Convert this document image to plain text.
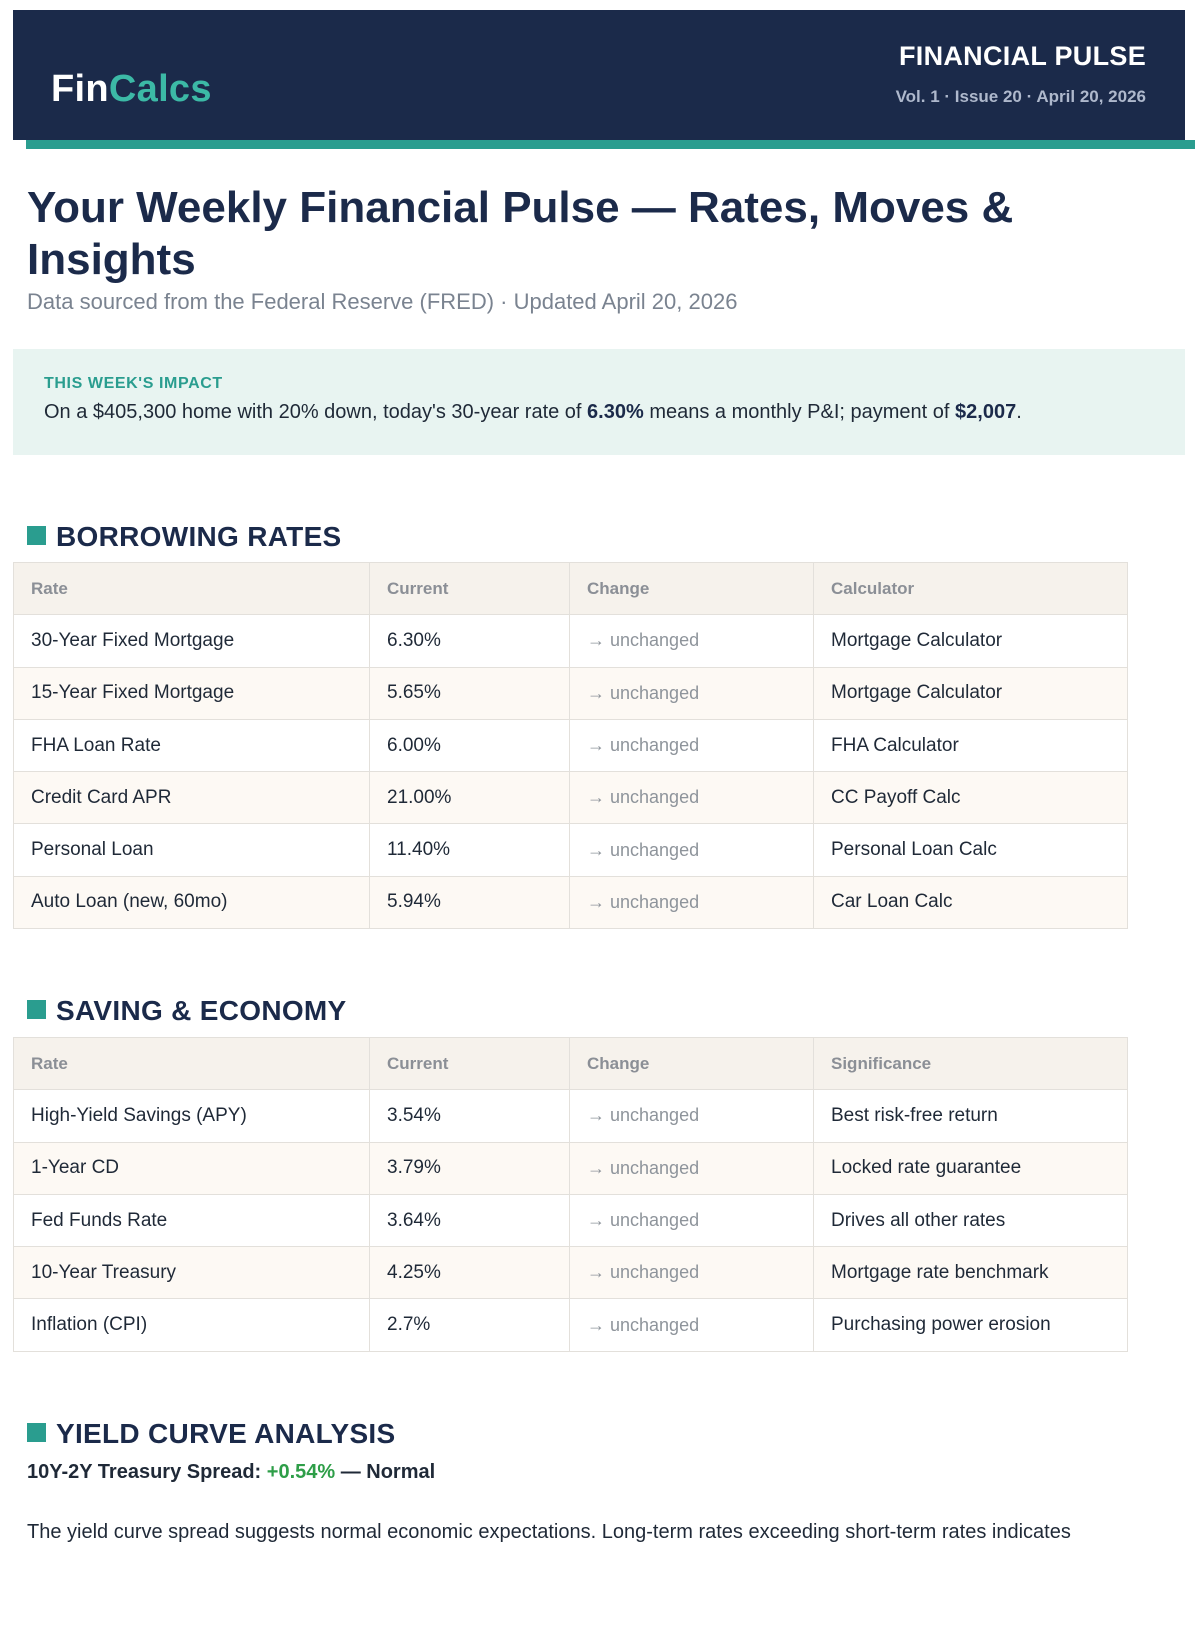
FinCalcs
FINANCIAL PULSE
Vol. 1 · Issue 20 · April 20, 2026
Your Weekly Financial Pulse — Rates, Moves & Insights
Data sourced from the Federal Reserve (FRED) · Updated April 20, 2026
THIS WEEK'S IMPACT
On a $405,300 home with 20% down, today's 30-year rate of 6.30% means a monthly P&I; payment of $2,007.
BORROWING RATES
Rate	Current	Change	Calculator
30-Year Fixed Mortgage	6.30%	→ unchanged	Mortgage Calculator
15-Year Fixed Mortgage	5.65%	→ unchanged	Mortgage Calculator
FHA Loan Rate	6.00%	→ unchanged	FHA Calculator
Credit Card APR	21.00%	→ unchanged	CC Payoff Calc
Personal Loan	11.40%	→ unchanged	Personal Loan Calc
Auto Loan (new, 60mo)	5.94%	→ unchanged	Car Loan Calc
SAVING & ECONOMY
Rate	Current	Change	Significance
High-Yield Savings (APY)	3.54%	→ unchanged	Best risk-free return
1-Year CD	3.79%	→ unchanged	Locked rate guarantee
Fed Funds Rate	3.64%	→ unchanged	Drives all other rates
10-Year Treasury	4.25%	→ unchanged	Mortgage rate benchmark
Inflation (CPI)	2.7%	→ unchanged	Purchasing power erosion
YIELD CURVE ANALYSIS
10Y-2Y Treasury Spread: +0.54% — Normal

The yield curve spread suggests normal economic expectations. Long-term rates exceeding short-term rates indicates
